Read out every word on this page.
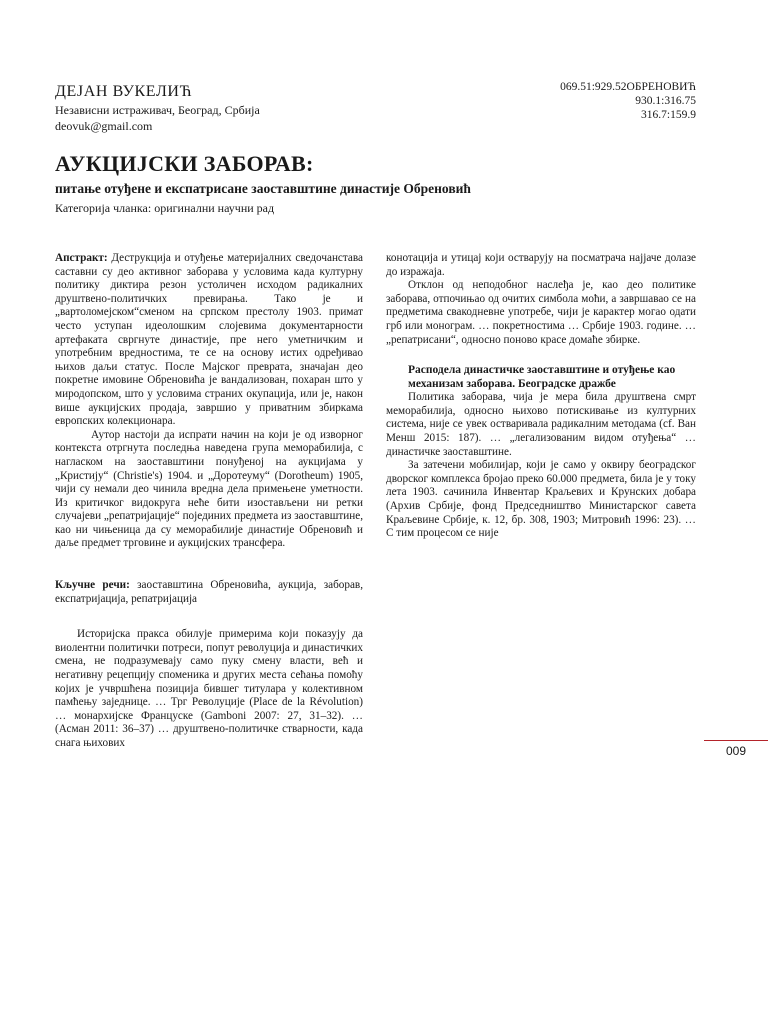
069.51:929.52ОБРЕНОВИЋ
930.1:316.75
316.7:159.9
ДЕЈАН ВУКЕЛИЋ
Независни истраживач, Београд, Србија
deovuk@gmail.com
АУКЦИЈСКИ ЗАБОРАВ:
питање отуђене и експатрисане заоставштине династије Обреновић
Категорија чланка: оригинални научни рад

Апстракт: Деструкција и отуђење материјалних сведочанстава саставни су део активног заборава у условима када културну политику диктира резон устоличен исходом радикалних друштвено-политичких превирања. Тако је и „вартоломејском“сменом на српском престолу 1903. примат често уступан идеолошким слојевима документарности артефаката свргнуте династије, пре него уметничким и употребним вредностима, те се на основу истих одређивао њихов даљи статус. После Мајског преврата, значајан део покретне имовине Обреновића је вандализован, похаран што у миродопском, што у условима страних окупација, или је, након више аукцијских продаја, завршио у приватним збиркама европских колекционара.

Аутор настоји да испрати начин на који је од изворног контекста отргнута последња наведена група меморабилија, с нагласком на заоставштини понуђеној на аукцијама у „Кристију“ (Christie's) 1904. и „Доротеуму“ (Dorotheum) 1905, чији су немали део чинила вредна дела примењене уметности. Из критичког видокруга неће бити изостављени ни ретки случајеви „репатријације“ појединих предмета из заоставштине, као ни чињеница да су меморабилије династије Обреновић и даље предмет трговине и аукцијских трансфера.

Кључне речи: заоставштина Обреновића, аукција, заборав, експатријација, репатријација

Историјска пракса обилује примерима који показују да виолентни политички потреси, попут револуција и династичких смена, не подразумевају само пуку смену власти, већ и негативну рецепцију споменика и других места сећања помоћу којих је учвршћена позиција бившег титулара у колективном памћењу заједнице. … Трг Револуције (Place de la Révolution) … монархијске Француске (Gamboni 2007: 27, 31–32). … (Асман 2011: 36–37) … друштвено-политичке стварности, када снага њихових

конотација и утицај који остварују на посматрача најјаче долазе до изражаја.

Отклон од неподобног наслеђа је, као део политике заборава, отпочињао од очитих симбола моћи, а завршавао се на предметима свакодневне употребе, чији је карактер могао одати грб или монограм. … покретностима … Србије 1903. године. … „репатрисани“, односно поново красе домаће збирке.

Расподела династичке заоставштине и отуђење као механизам заборава. Београдске дражбе

Политика заборава, чија је мера била друштвена смрт меморабилија, односно њихово потискивање из културних система, није се увек остваривала радикалним методама (cf. Ван Менш 2015: 187). … „легализованим видом отуђења“ … династичке заоставштине.

За затечени мобилијар, који је само у оквиру београдског дворског комплекса бројао преко 60.000 предмета, била је у току лета 1903. сачинила Инвентар Краљевих и Крунских добара (Архив Србије, фонд Председништво Министарског савета Краљевине Србије, к. 12, бр. 308, 1903; Митровић 1996: 23). … С тим процесом се није

009
